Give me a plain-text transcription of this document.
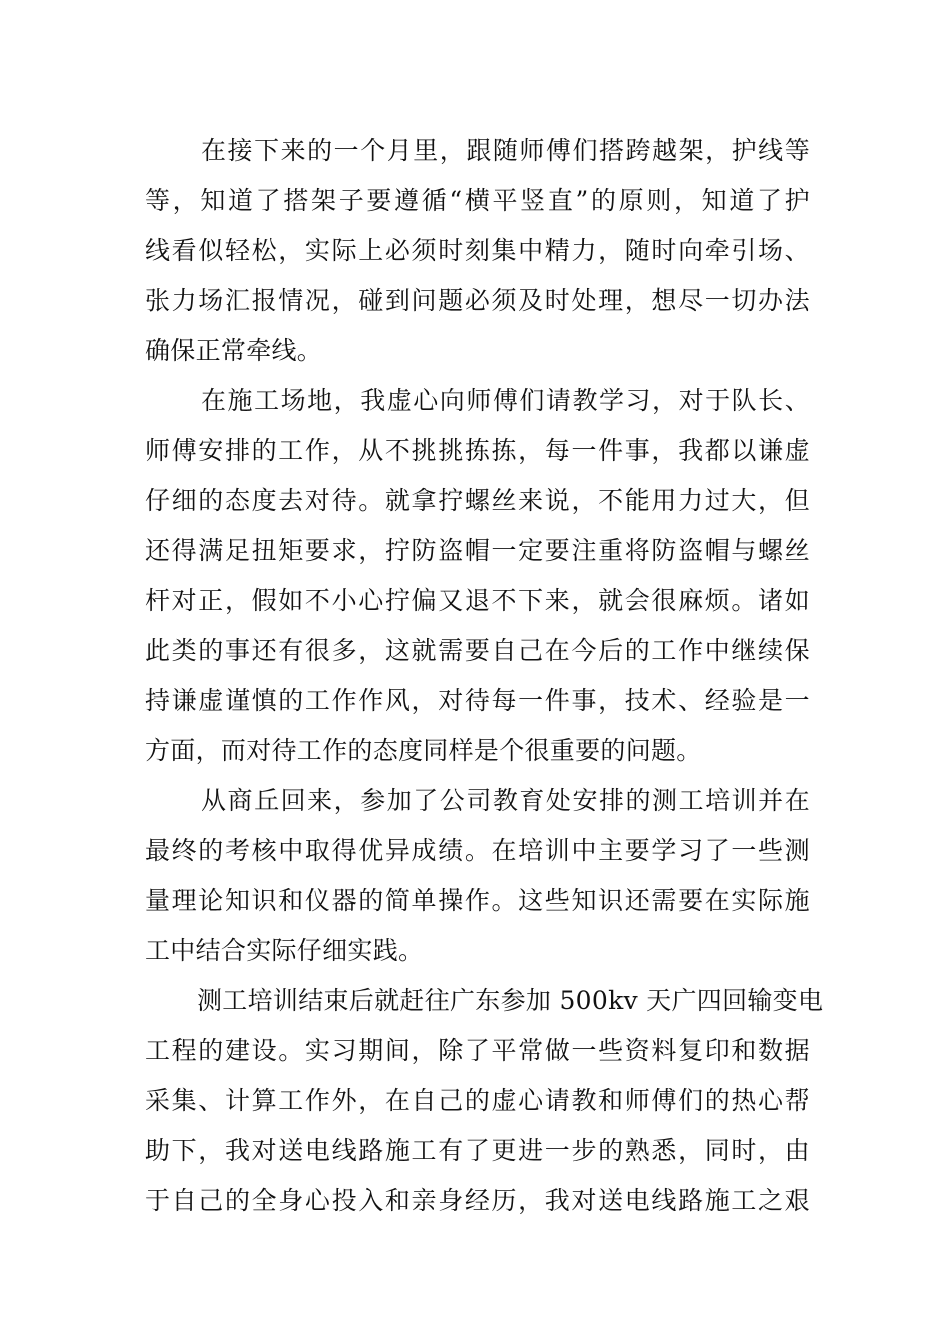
在接下来的一个月里，跟随师傅们搭跨越架，护线等
等，知道了搭架子要遵循“横平竖直”的原则，知道了护
线看似轻松，实际上必须时刻集中精力，随时向牵引场、
张力场汇报情况，碰到问题必须及时处理，想尽一切办法
确保正常牵线。
在施工场地，我虚心向师傅们请教学习，对于队长、
师傅安排的工作，从不挑挑拣拣，每一件事，我都以谦虚
仔细的态度去对待。就拿拧螺丝来说，不能用力过大，但
还得满足扭矩要求，拧防盗帽一定要注重将防盗帽与螺丝
杆对正，假如不小心拧偏又退不下来，就会很麻烦。诸如
此类的事还有很多，这就需要自己在今后的工作中继续保
持谦虚谨慎的工作作风，对待每一件事，技术、经验是一
方面，而对待工作的态度同样是个很重要的问题。
从商丘回来，参加了公司教育处安排的测工培训并在
最终的考核中取得优异成绩。在培训中主要学习了一些测
量理论知识和仪器的简单操作。这些知识还需要在实际施
工中结合实际仔细实践。
测工培训结束后就赶往广东参加 500kv 天广四回输变电
工程的建设。实习期间，除了平常做一些资料复印和数据
采集、计算工作外，在自己的虚心请教和师傅们的热心帮
助下，我对送电线路施工有了更进一步的熟悉，同时，由
于自己的全身心投入和亲身经历，我对送电线路施工之艰
